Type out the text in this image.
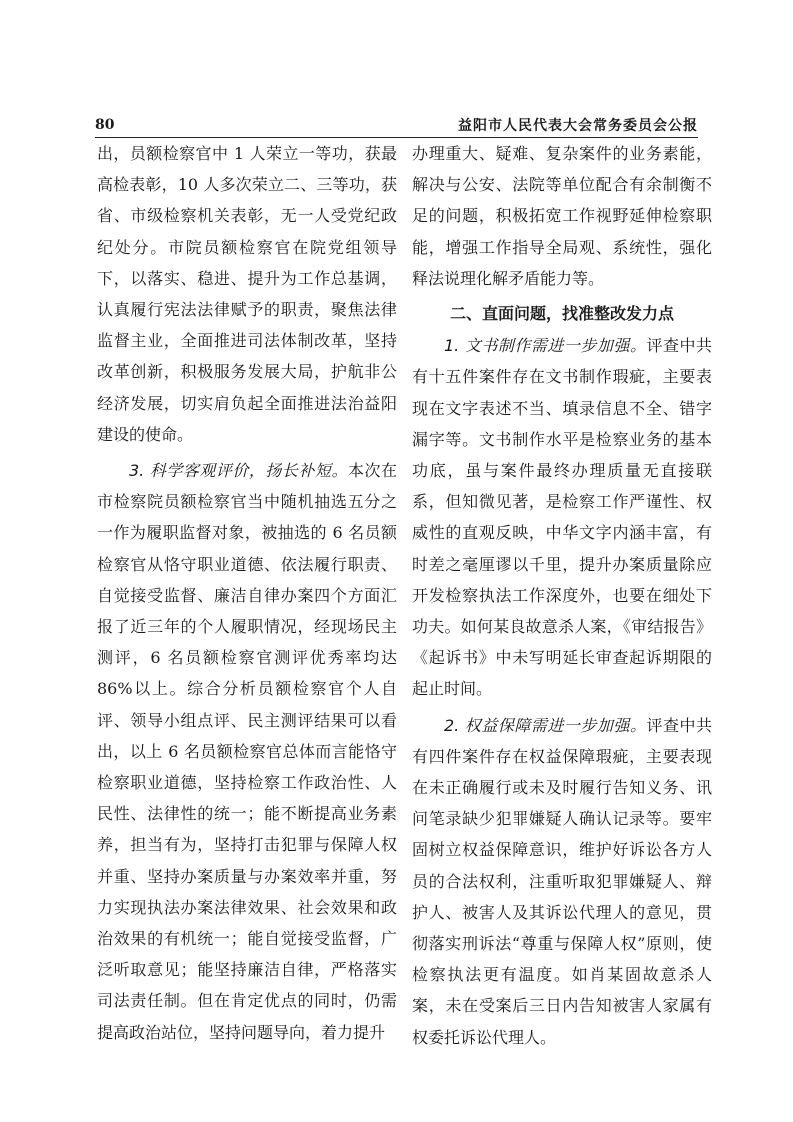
80	益阳市人民代表大会常务委员会公报

出，员额检察官中 1 人荣立一等功，获最高检表彰，10 人多次荣立二、三等功，获省、市级检察机关表彰，无一人受党纪政纪处分。市院员额检察官在院党组领导下，以落实、稳进、提升为工作总基调，认真履行宪法法律赋予的职责，聚焦法律监督主业，全面推进司法体制改革，坚持改革创新，积极服务发展大局，护航非公经济发展，切实肩负起全面推进法治益阳建设的使命。

3. 科学客观评价，扬长补短。本次在市检察院员额检察官当中随机抽选五分之一作为履职监督对象，被抽选的 6 名员额检察官从恪守职业道德、依法履行职责、自觉接受监督、廉洁自律办案四个方面汇报了近三年的个人履职情况，经现场民主测评，6 名员额检察官测评优秀率均达 86%以上。综合分析员额检察官个人自评、领导小组点评、民主测评结果可以看出，以上 6 名员额检察官总体而言能恪守检察职业道德，坚持检察工作政治性、人民性、法律性的统一；能不断提高业务素养，担当有为，坚持打击犯罪与保障人权并重、坚持办案质量与办案效率并重，努力实现执法办案法律效果、社会效果和政治效果的有机统一；能自觉接受监督，广泛听取意见；能坚持廉洁自律，严格落实司法责任制。但在肯定优点的同时，仍需提高政治站位，坚持问题导向，着力提升

办理重大、疑难、复杂案件的业务素能，解决与公安、法院等单位配合有余制衡不足的问题，积极拓宽工作视野延伸检察职能，增强工作指导全局观、系统性，强化释法说理化解矛盾能力等。

二、直面问题，找准整改发力点

1. 文书制作需进一步加强。评查中共有十五件案件存在文书制作瑕疵，主要表现在文字表述不当、填录信息不全、错字漏字等。文书制作水平是检察业务的基本功底，虽与案件最终办理质量无直接联系，但知微见著，是检察工作严谨性、权威性的直观反映，中华文字内涵丰富，有时差之毫厘谬以千里，提升办案质量除应开发检察执法工作深度外，也要在细处下功夫。如何某良故意杀人案，《审结报告》《起诉书》中未写明延长审查起诉期限的起止时间。

2. 权益保障需进一步加强。评查中共有四件案件存在权益保障瑕疵，主要表现在未正确履行或未及时履行告知义务、讯问笔录缺少犯罪嫌疑人确认记录等。要牢固树立权益保障意识，维护好诉讼各方人员的合法权利，注重听取犯罪嫌疑人、辩护人、被害人及其诉讼代理人的意见，贯彻落实刑诉法“尊重与保障人权”原则，使检察执法更有温度。如肖某固故意杀人案，未在受案后三日内告知被害人家属有权委托诉讼代理人。
